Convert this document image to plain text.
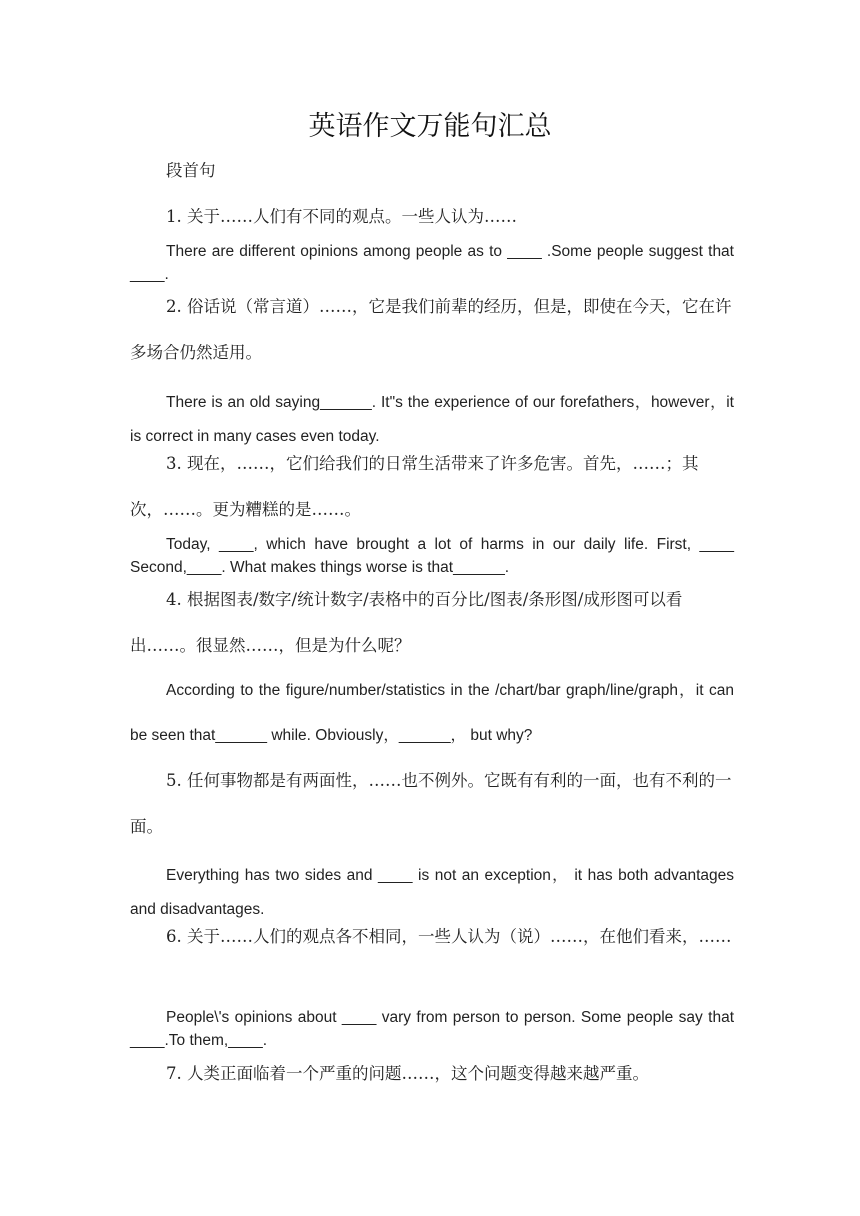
英语作文万能句汇总

段首句

1. 关于……人们有不同的观点。一些人认为……

There are different opinions among people as to ____ .Some people suggest that ____.

2. 俗话说（常言道）……，它是我们前辈的经历，但是，即使在今天，它在许多场合仍然适用。

There is an old saying______. It"s the experience of our forefathers，however，it is correct in many cases even today.

3. 现在，……，它们给我们的日常生活带来了许多危害。首先，……；其次，……。更为糟糕的是……。

Today, ____, which have brought a lot of harms in our daily life. First, ____ Second,____. What makes things worse is that______.

4. 根据图表/数字/统计数字/表格中的百分比/图表/条形图/成形图可以看出……。很显然……，但是为什么呢？

According to the figure/number/statistics in the /chart/bar graph/line/graph，it can be seen that______ while. Obviously，______， but why?

5. 任何事物都是有两面性，……也不例外。它既有有利的一面，也有不利的一面。

Everything has two sides and ____ is not an exception， it has both advantages and disadvantages.

6. 关于……人们的观点各不相同，一些人认为（说）……，在他们看来，……

People\'s opinions about ____ vary from person to person. Some people say that ____.To them,____.

7. 人类正面临着一个严重的问题……，这个问题变得越来越严重。
